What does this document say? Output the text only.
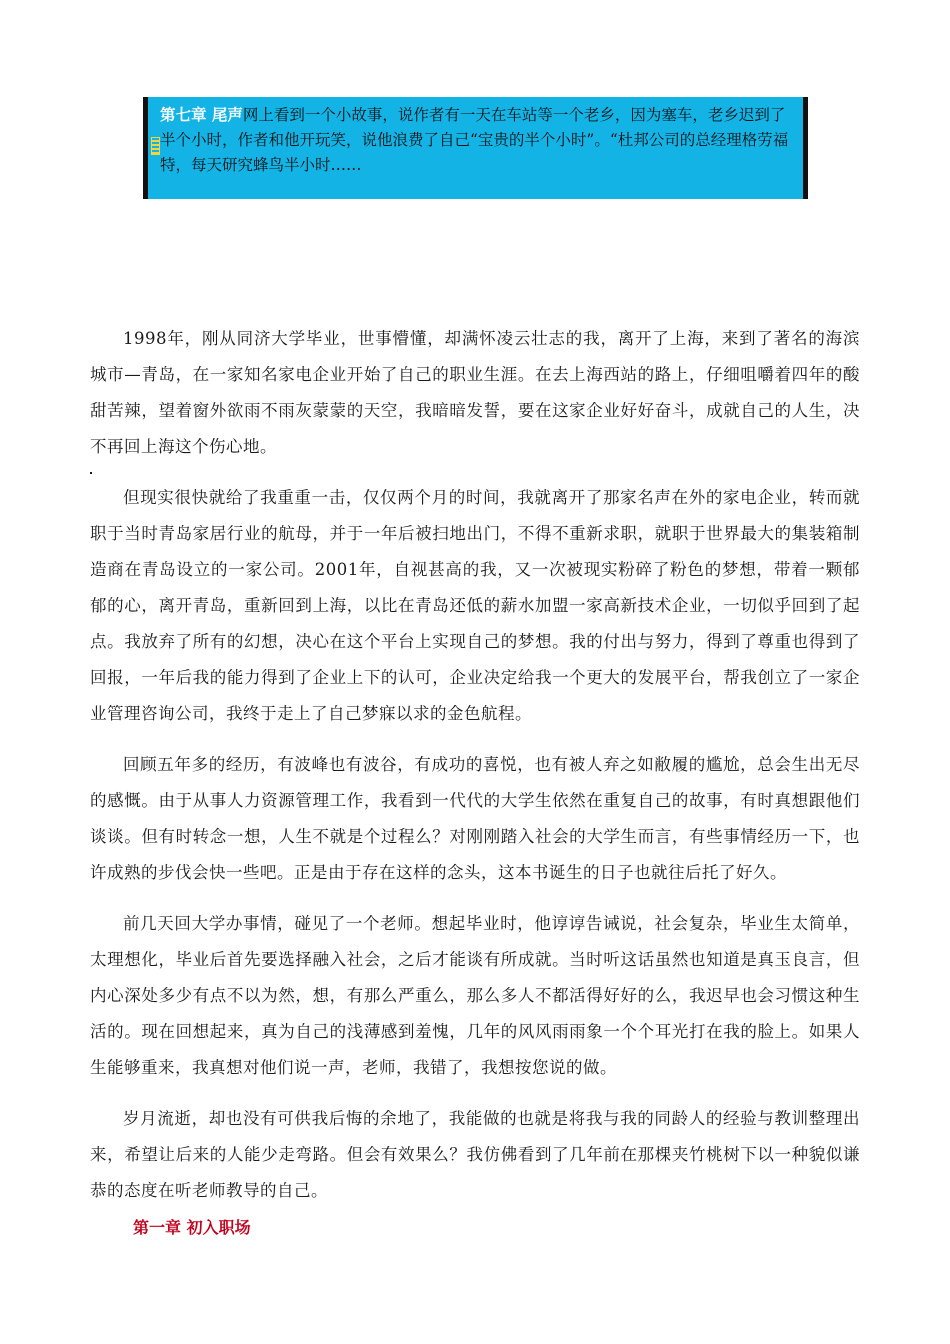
第七章 尾声网上看到一个小故事，说作者有一天在车站等一个老乡，因为塞车，老乡迟到了半个小时，作者和他开玩笑，说他浪费了自己“宝贵的半个小时”。“杜邦公司的总经理格劳福特，每天研究蜂鸟半小时……

1998年，刚从同济大学毕业，世事懵懂，却满怀凌云壮志的我，离开了上海，来到了著名的海滨城市—青岛，在一家知名家电企业开始了自己的职业生涯。在去上海西站的路上，仔细咀嚼着四年的酸甜苦辣，望着窗外欲雨不雨灰蒙蒙的天空，我暗暗发誓，要在这家企业好好奋斗，成就自己的人生，决不再回上海这个伤心地。

但现实很快就给了我重重一击，仅仅两个月的时间，我就离开了那家名声在外的家电企业，转而就职于当时青岛家居行业的航母，并于一年后被扫地出门，不得不重新求职，就职于世界最大的集装箱制造商在青岛设立的一家公司。2001年，自视甚高的我，又一次被现实粉碎了粉色的梦想，带着一颗郁郁的心，离开青岛，重新回到上海，以比在青岛还低的薪水加盟一家高新技术企业，一切似乎回到了起点。我放弃了所有的幻想，决心在这个平台上实现自己的梦想。我的付出与努力，得到了尊重也得到了回报，一年后我的能力得到了企业上下的认可，企业决定给我一个更大的发展平台，帮我创立了一家企业管理咨询公司，我终于走上了自己梦寐以求的金色航程。

回顾五年多的经历，有波峰也有波谷，有成功的喜悦，也有被人弃之如敝履的尴尬，总会生出无尽的感慨。由于从事人力资源管理工作，我看到一代代的大学生依然在重复自己的故事，有时真想跟他们谈谈。但有时转念一想，人生不就是个过程么？对刚刚踏入社会的大学生而言，有些事情经历一下，也许成熟的步伐会快一些吧。正是由于存在这样的念头，这本书诞生的日子也就往后托了好久。

前几天回大学办事情，碰见了一个老师。想起毕业时，他谆谆告诫说，社会复杂，毕业生太简单，太理想化，毕业后首先要选择融入社会，之后才能谈有所成就。当时听这话虽然也知道是真玉良言，但内心深处多少有点不以为然，想，有那么严重么，那么多人不都活得好好的么，我迟早也会习惯这种生活的。现在回想起来，真为自己的浅薄感到羞愧，几年的风风雨雨象一个个耳光打在我的脸上。如果人生能够重来，我真想对他们说一声，老师，我错了，我想按您说的做。

岁月流逝，却也没有可供我后悔的余地了，我能做的也就是将我与我的同龄人的经验与教训整理出来，希望让后来的人能少走弯路。但会有效果么？我仿佛看到了几年前在那棵夹竹桃树下以一种貌似谦恭的态度在听老师教导的自己。

第一章 初入职场
